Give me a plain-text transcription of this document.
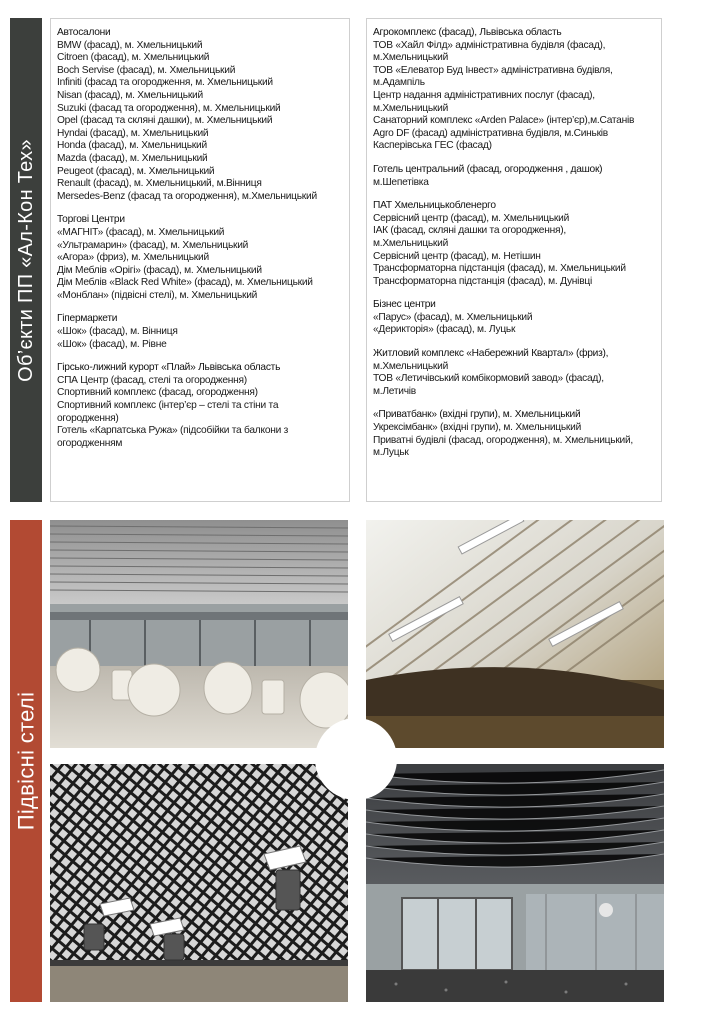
Об’єкти ПП «Ал-Кон Тех»
Підвісні стелі
Автосалони
BMW (фасад), м. Хмельницький
Citroen (фасад), м. Хмельницький
Boch Servise (фасад), м. Хмельницький
Infiniti (фасад та огородження, м. Хмельницький
Nisan (фасад), м. Хмельницький
Suzuki (фасад та огородження), м. Хмельницький
Opel (фасад та скляні дашки), м. Хмельницький
Hyndai (фасад), м. Хмельницький
Honda (фасад), м. Хмельницький
Mazda (фасад), м. Хмельницький
Peugeot (фасад), м. Хмельницький
Renault (фасад), м. Хмельницький, м.Вінниця
Mersedes-Benz (фасад та огородження), м.Хмельницький
Торгові Центри
«МАГНІТ» (фасад), м. Хмельницький
«Ультрамарин» (фасад), м. Хмельницький
«Агора» (фриз), м. Хмельницький
Дім Меблів «Орігі» (фасад), м. Хмельницький
Дім Меблів «Black Red White» (фасад), м. Хмельницький
«Монблан» (підвісні стелі), м. Хмельницький
Гіпермаркети
«Шок» (фасад), м. Вінниця
«Шок» (фасад), м. Рівне
Гірсько-лижний курорт «Плай» Львівська область
СПА Центр (фасад, стелі та огородження)
Спортивний комплекс (фасад, огородження)
Спортивний комплекс (інтер’єр – стелі та стіни та
огородження)
Готель «Карпатська Ружа» (підсобійки та балкони з
огородженням
Агрокомплекс (фасад), Львівська область
ТОВ «Хайл Філд» адміністративна будівля (фасад),
м.Хмельницький
ТОВ «Елеватор Буд Інвест» адміністративна будівля,
м.Адампіль
Центр надання адміністративних послуг (фасад),
м.Хмельницький
Санаторний комплекс «Arden Palace» (інтер’єр),м.Сатанів
Agro DF (фасад) адміністративна будівля, м.Синьків
Касперівська ГЕС (фасад)
Готель центральний (фасад, огородження , дашок)
м.Шепетівка
ПАТ Хмельницькобленерго
Сервісний центр (фасад), м. Хмельницький
ІАК (фасад, скляні дашки та огородження),
м.Хмельницький
Сервісний центр (фасад), м. Нетішин
Трансформаторна підстанція (фасад), м. Хмельницький
Трансформаторна підстанція (фасад), м. Дунівці
Бізнес центри
«Парус» (фасад), м. Хмельницький
«Дерикторія» (фасад), м. Луцьк
Житловий комплекс «Набережний Квартал» (фриз),
м.Хмельницький
ТОВ «Летичівський комбікормовий завод» (фасад),
м.Летичів
«Приватбанк» (вхідні групи), м. Хмельницький
Укрексімбанк» (вхідні групи), м. Хмельницький
Приватні будівлі (фасад, огородження), м. Хмельницький,
м.Луцьк
